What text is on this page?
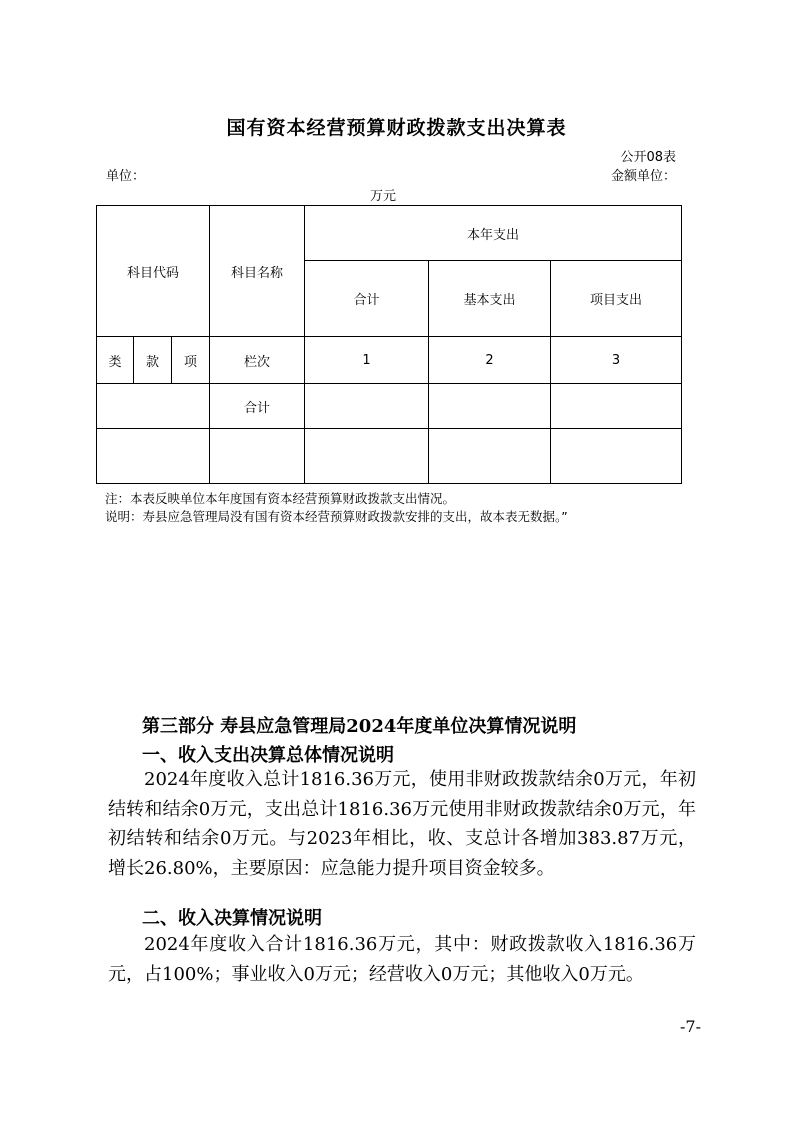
国有资本经营预算财政拨款支出决算表
公开08表
单位：	金额单位：
万元
科目代码			科目名称	本年支出		
				合计	基本支出	项目支出
类	款	项	栏次	1	2	3
			合计			

注：本表反映单位本年度国有资本经营预算财政拨款支出情况。
说明：寿县应急管理局没有国有资本经营预算财政拨款安排的支出，故本表无数据。”
第三部分 寿县应急管理局2024年度单位决算情况说明
一、收入支出决算总体情况说明

2024年度收入总计1816.36万元，使用非财政拨款结余0万元，年初结转和结余0万元，支出总计1816.36万元使用非财政拨款结余0万元，年初结转和结余0万元。与2023年相比，收、支总计各增加383.87万元，增长26.80%，主要原因：应急能力提升项目资金较多。

二、收入决算情况说明

2024年度收入合计1816.36万元，其中：财政拨款收入1816.36万元，占100%；事业收入0万元；经营收入0万元；其他收入0万元。

-7-
